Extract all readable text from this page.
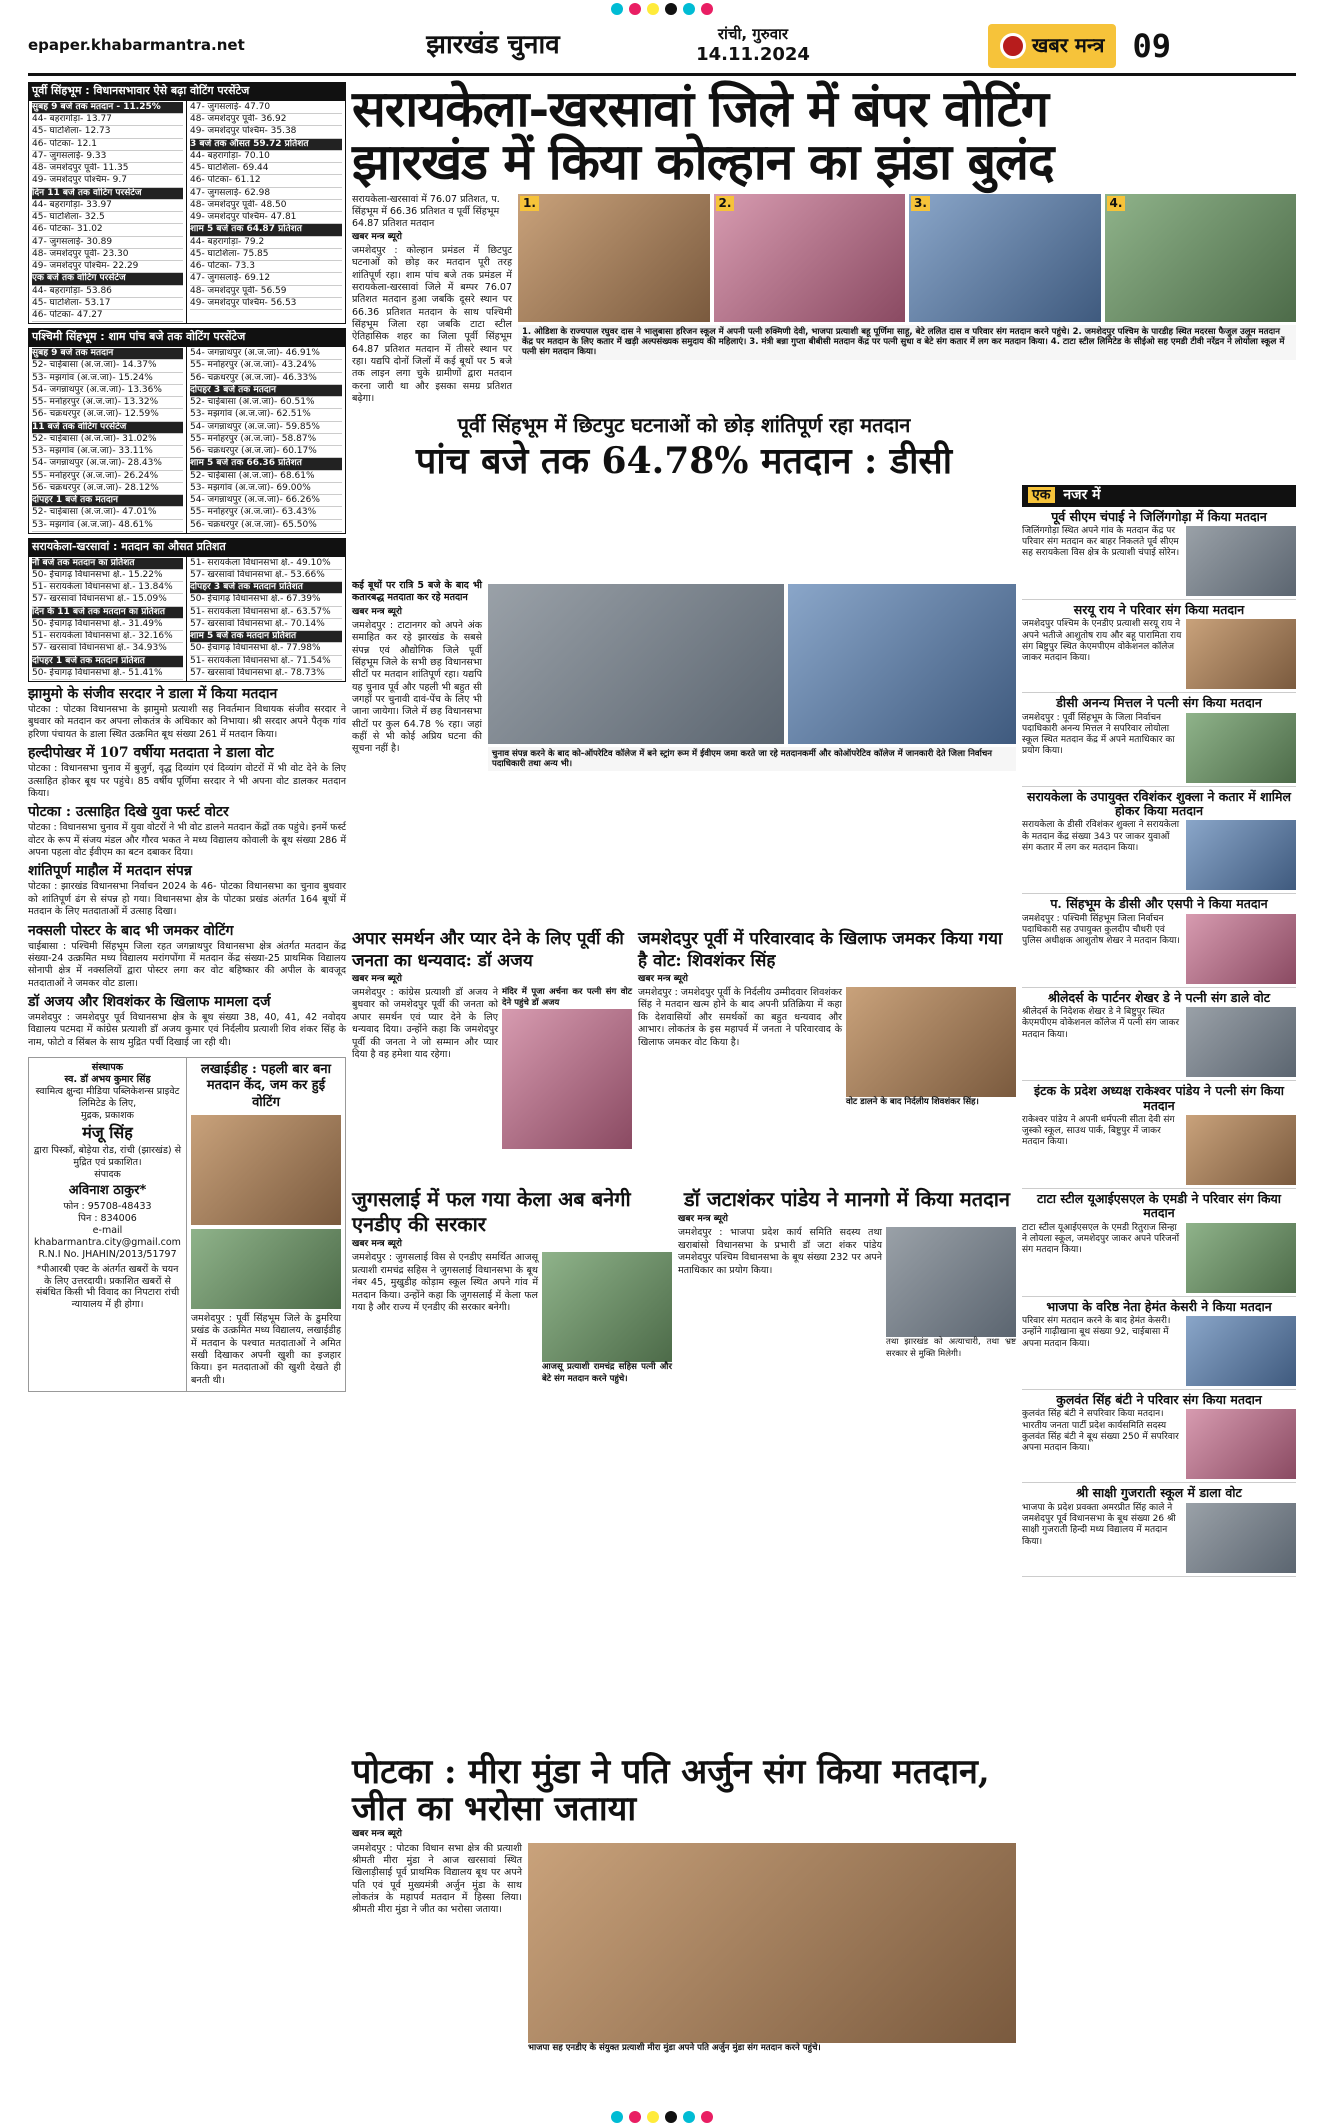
epaper.khabarmantra.net	झारखंड चुनाव	रांची, गुरुवार
14.11.2024	खबर मन्त्र 09
पूर्वी सिंहभूम : विधानसभावार ऐसे बढ़ा वोटिंग परसेंटेज
सुबह 9 बजे तक मतदान - 11.25%
44- बहरागोड़ा- 13.77
45- घाटशिला- 12.73
46- पोटका- 12.1
47- जुगसलाई- 9.33
48- जमशेदपुर पूर्वी- 11.35
49- जमशेदपुर पश्चिम- 9.7
दिन 11 बजे तक वोटिंग परसेंटेज
44- बहरागोड़ा- 33.97
45- घाटशिला- 32.5
46- पोटका- 31.02
47- जुगसलाई- 30.89
48- जमशेदपुर पूर्वी- 23.30
49- जमशेदपुर पश्चिम- 22.29
एक बजे तक वोटिंग परसेंटेज
44- बहरागोड़ा- 53.86
45- घाटशिला- 53.17
46- पोटका- 47.27
47- जुगसलाई- 47.70
48- जमशेदपुर पूर्वी- 36.92
49- जमशेदपुर पश्चिम- 35.38
3 बजे तक औसत 59.72 प्रतिशत
44- बहरागोड़ा- 70.10
45- घाटशिला- 69.44
46- पोटका- 61.12
47- जुगसलाई- 62.98
48- जमशेदपुर पूर्वी- 48.50
49- जमशेदपुर पश्चिम- 47.81
शाम 5 बजे तक 64.87 प्रतिशत
44- बहरागोड़ा- 79.2
45- घाटशिला- 75.85
46- पोटका- 73.3
47- जुगसलाई- 69.12
48- जमशेदपुर पूर्वी- 56.59
49- जमशेदपुर पश्चिम- 56.53
पश्चिमी सिंहभूम : शाम पांच बजे तक वोटिंग परसेंटेज
सुबह 9 बजे तक मतदान
52- चाईबासा (अ.ज.जा)- 14.37%
53- मझगांव (अ.ज.जा)- 15.24%
54- जगन्नाथपुर (अ.ज.जा)- 13.36%
55- मनोहरपुर (अ.ज.जा)- 13.32%
56- चक्रधरपुर (अ.ज.जा)- 12.59%
11 बजे तक वोटिंग परसेंटेज
52- चाईबासा (अ.ज.जा)- 31.02%
53- मझगांव (अ.ज.जा)- 33.11%
54- जगन्नाथपुर (अ.ज.जा)- 28.43%
55- मनोहरपुर (अ.ज.जा)- 26.24%
56- चक्रधरपुर (अ.ज.जा)- 28.12%
दोपहर 1 बजे तक मतदान
52- चाईबासा (अ.ज.जा)- 47.01%
53- मझगांव (अ.ज.जा)- 48.61%
54- जगन्नाथपुर (अ.ज.जा)- 46.91%
55- मनोहरपुर (अ.ज.जा)- 43.24%
56- चक्रधरपुर (अ.ज.जा)- 46.33%
दोपहर 3 बजे तक मतदान
52- चाईबासा (अ.ज.जा)- 60.51%
53- मझगांव (अ.ज.जा)- 62.51%
54- जगन्नाथपुर (अ.ज.जा)- 59.85%
55- मनोहरपुर (अ.ज.जा)- 58.87%
56- चक्रधरपुर (अ.ज.जा)- 60.17%
शाम 5 बजे तक 66.36 प्रतिशत
52- चाईबासा (अ.ज.जा)- 68.61%
53- मझगांव (अ.ज.जा)- 69.00%
54- जगन्नाथपुर (अ.ज.जा)- 66.26%
55- मनोहरपुर (अ.ज.जा)- 63.43%
56- चक्रधरपुर (अ.ज.जा)- 65.50%
सरायकेला-खरसावां : मतदान का औसत प्रतिशत
नौ बजे तक मतदान का प्रतिशत
50- ईचागढ़ विधानसभा क्षे.- 15.22%
51- सरायकेला विधानसभा क्षे.- 13.84%
57- खरसावां विधानसभा क्षे.- 15.09%
दिन के 11 बजे तक मतदान का प्रतिशत
50- ईचागढ़ विधानसभा क्षे.- 31.49%
51- सरायकेला विधानसभा क्षे.- 32.16%
57- खरसावां विधानसभा क्षे.- 34.93%
दोपहर 1 बजे तक मतदान प्रतिशत
50- ईचागढ़ विधानसभा क्षे.- 51.41%
51- सरायकेला विधानसभा क्षे.- 49.10%
57- खरसावां विधानसभा क्षे.- 53.66%
दोपहर 3 बजे तक मतदान प्रतिशत
50- ईचागढ़ विधानसभा क्षे.- 67.39%
51- सरायकेला विधानसभा क्षे.- 63.57%
57- खरसावां विधानसभा क्षे.- 70.14%
शाम 5 बजे तक मतदान प्रतिशत
50- ईचागढ़ विधानसभा क्षे.- 77.98%
51- सरायकेला विधानसभा क्षे.- 71.54%
57- खरसावां विधानसभा क्षे.- 78.73%
झामुमो के संजीव सरदार ने डाला में किया मतदान

पोटका : पोटका विधानसभा के झामुमो प्रत्याशी सह निवर्तमान विधायक संजीव सरदार ने बुधवार को मतदान कर अपना लोकतंत्र के अधिकार को निभाया। श्री सरदार अपने पैतृक गांव हरिणा पंचायत के डाला स्थित उत्क्रमित बूथ संख्या 261 में मतदान किया।

हल्दीपोखर में 107 वर्षीया मतदाता ने डाला वोट

पोटका : विधानसभा चुनाव में बुजुर्ग, वृद्ध दिव्यांग एवं दिव्यांग वोटरों में भी वोट देने के लिए उत्साहित होकर बूथ पर पहुंचे। 85 वर्षीय पूर्णिमा सरदार ने भी अपना वोट डालकर मतदान किया।

पोटका : उत्साहित दिखे युवा फर्स्ट वोटर

पोटका : विधानसभा चुनाव में युवा वोटरों ने भी वोट डालने मतदान केंद्रों तक पहुंचे। इनमें फर्स्ट वोटर के रूप में संजय मंडल और गौरव भकत ने मध्य विद्यालय कोवाली के बूथ संख्या 286 में अपना पहला वोट ईवीएम का बटन दबाकर दिया।

शांतिपूर्ण माहौल में मतदान संपन्न

पोटका : झारखंड विधानसभा निर्वाचन 2024 के 46- पोटका विधानसभा का चुनाव बुधवार को शांतिपूर्ण ढंग से संपन्न हो गया। विधानसभा क्षेत्र के पोटका प्रखंड अंतर्गत 164 बूथों में मतदान के लिए मतदाताओं में उत्साह दिखा।

नक्सली पोस्टर के बाद भी जमकर वोटिंग

चाईबासा : पश्चिमी सिंहभूम जिला रहत जगन्नाथपुर विधानसभा क्षेत्र अंतर्गत मतदान केंद्र संख्या-24 उत्क्रमित मध्य विद्यालय मरांगपोंगा में मतदान केंद्र संख्या-25 प्राथमिक विद्यालय सोनापी क्षेत्र में नक्सलियों द्वारा पोस्टर लगा कर वोट बहिष्कार की अपील के बावजूद मतदाताओं ने जमकर वोट डाला।

डॉ अजय और शिवशंकर के खिलाफ मामला दर्ज

जमशेदपुर : जमशेदपुर पूर्व विधानसभा क्षेत्र के बूथ संख्या 38, 40, 41, 42 नवोदय विद्यालय पटमदा में कांग्रेस प्रत्याशी डॉ अजय कुमार एवं निर्दलीय प्रत्याशी शिव शंकर सिंह के नाम, फोटो व सिंबल के साथ मुद्रित पर्ची दिखाई जा रही थी।

संस्थापक
स्व. डॉ अभय कुमार सिंह
स्वामित्व क्षुन्दा मीडिया पब्लिकेशन्स प्राइवेट लिमिटेड के लिए,
मुद्रक, प्रकाशक
मंजू सिंह
द्वारा पिस्काँ, बोड़ेया रोड, रांची (झारखंड) से मुद्रित एवं प्रकाशित।
संपादक
अविनाश ठाकुर*
फोन : 95708-48433
पिन : 834006
e-mail
khabarmantra.city@gmail.com
R.N.I No. JHAHIN/2013/51797
*पीआरबी एक्ट के अंतर्गत खबरों के चयन के लिए उत्तरदायी। प्रकाशित खबरों से संबंधित किसी भी विवाद का निपटारा रांची न्यायालय में ही होगा।
लखाईडीह : पहली बार बना मतदान केंद, जम कर हुई वोटिंग

जमशेदपुर : पूर्वी सिंहभूम जिले के डुमरिया प्रखंड के उत्क्रमित मध्य विद्यालय, लखाईडीह में मतदान के पश्चात मतदाताओं ने अमित सखी दिखाकर अपनी खुशी का इजहार किया। इन मतदाताओं की खुशी देखते ही बनती थी।

सरायकेला-खरसावां जिले में बंपर वोटिंग
झारखंड में किया कोल्हान का झंडा बुलंद
सरायकेला-खरसावां में 76.07 प्रतिशत, प. सिंहभूम में 66.36 प्रतिशत व पूर्वी सिंहभूम 64.87 प्रतिशत मतदान
खबर मन्त्र ब्यूरो

जमशेदपुर : कोल्हान प्रमंडल में छिटपुट घटनाओं को छोड़ कर मतदान पूरी तरह शांतिपूर्ण रहा। शाम पांच बजे तक प्रमंडल में सरायकेला-खरसावां जिले में बम्पर 76.07 प्रतिशत मतदान हुआ जबकि दूसरे स्थान पर 66.36 प्रतिशत मतदान के साथ पश्चिमी सिंहभूम जिला रहा जबकि टाटा स्टील ऐतिहासिक शहर का जिला पूर्वी सिंहभूम 64.87 प्रतिशत मतदान में तीसरे स्थान पर रहा। यद्यपि दोनों जिलों में कई बूथों पर 5 बजे तक लाइन लगा चुके ग्रामीणों द्वारा मतदान करना जारी था और इसका समग्र प्रतिशत बढ़ेगा।

1.	2.	3.	4.
1. ओडिशा के राज्यपाल रघुवर दास ने भालुबासा हरिजन स्कूल में अपनी पत्नी रुक्मिणी देवी, भाजपा प्रत्याशी बहू पूर्णिमा साहू, बेटे ललित दास व परिवार संग मतदान करने पहुंचे। 2. जमशेदपुर पश्चिम के पारडीह स्थित मदरसा फैजुल उलूम मतदान केंद्र पर मतदान के लिए कतार में खड़ी अल्पसंख्यक समुदाय की महिलाएं। 3. मंत्री बन्ना गुप्ता बीबीसी मतदान केंद्र पर पत्नी सुधा व बेटे संग कतार में लग कर मतदान किया। 4. टाटा स्टील लिमिटेड के सीईओ सह एमडी टीवी नरेंद्रन ने लोयोला स्कूल में पत्नी संग मतदान किया।
पूर्वी सिंहभूम में छिटपुट घटनाओं को छोड़ शांतिपूर्ण रहा मतदान
पांच बजे तक 64.78% मतदान : डीसी

कई बूथों पर रात्रि 5 बजे के बाद भी कतारबद्ध मतदाता कर रहे मतदान

खबर मन्त्र ब्यूरो

जमशेदपुर : टाटानगर को अपने अंक समाहित कर रहे झारखंड के सबसे संपन्न एवं औद्योगिक जिले पूर्वी सिंहभूम जिले के सभी छह विधानसभा सीटों पर मतदान शांतिपूर्ण रहा। यद्यपि यह चुनाव पूर्व और पहली भी बहुत सी जगहों पर चुनावी दावं-पेंच के लिए भी जाना जायेगा। जिले में छह विधानसभा सीटों पर कुल 64.78 % रहा। जहां कहीं से भी कोई अप्रिय घटना की सूचना नहीं है।	चुनाव संपन्न करने के बाद को-ऑपरेटिव कॉलेज में बने स्ट्रांग रूम में ईवीएम जमा करते जा रहे मतदानकर्मी और कोऑपरेटिव कॉलेज में जानकारी देते जिला निर्वाचन पदाधिकारी तथा अन्य भी।
अपार समर्थन और प्यार देने के लिए पूर्वी की जनता का धन्यवाद: डॉ अजय
खबर मन्त्र ब्यूरो

जमशेदपुर : कांग्रेस प्रत्याशी डॉ अजय ने बुधवार को जमशेदपुर पूर्वी की जनता को अपार समर्थन एवं प्यार देने के लिए धन्यवाद दिया। उन्होंने कहा कि जमशेदपुर पूर्वी की जनता ने जो सम्मान और प्यार दिया है वह हमेशा याद रहेगा।

मंदिर में पूजा अर्चना कर पत्नी संग वोट देने पहुंचे डॉ अजय

जमशेदपुर पूर्वी में परिवारवाद के खिलाफ जमकर किया गया है वोट: शिवशंकर सिंह
खबर मन्त्र ब्यूरो

जमशेदपुर : जमशेदपुर पूर्वी के निर्दलीय उम्मीदवार शिवशंकर सिंह ने मतदान खत्म होने के बाद अपनी प्रतिक्रिया में कहा कि देशवासियों और समर्थकों का बहुत धन्यवाद और आभार। लोकतंत्र के इस महापर्व में जनता ने परिवारवाद के खिलाफ जमकर वोट किया है।

वोट डालने के बाद निर्दलीय शिवशंकर सिंह।

जुगसलाई में फल गया केला अब बनेगी एनडीए की सरकार
खबर मन्त्र ब्यूरो

जमशेदपुर : जुगसलाई विस से एनडीए समर्थित आजसू प्रत्याशी रामचंद्र सहिस ने जुगसलाई विधानसभा के बूथ नंबर 45, मुखुडीह कोड़ाम स्कूल स्थित अपने गांव में मतदान किया। उन्होंने कहा कि जुगसलाई में केला फल गया है और राज्य में एनडीए की सरकार बनेगी।

आजसू प्रत्याशी रामचंद्र सहिस पत्नी और बेटे संग मतदान करने पहुंचे।

डॉ जटाशंकर पांडेय ने मानगो में किया मतदान
खबर मन्त्र ब्यूरो

जमशेदपुर : भाजपा प्रदेश कार्य समिति सदस्य तथा खराबांसो विधानसभा के प्रभारी डॉ जटा शंकर पांडेय जमशेदपुर पश्चिम विधानसभा के बूथ संख्या 232 पर अपने मताधिकार का प्रयोग किया।

तथा झारखंड को अत्याचारी, तथा भ्रष्ट सरकार से मुक्ति मिलेगी।

पोटका : मीरा मुंडा ने पति अर्जुन संग किया मतदान, जीत का भरोसा जताया
खबर मन्त्र ब्यूरो

जमशेदपुर : पोटका विधान सभा क्षेत्र की प्रत्याशी श्रीमती मीरा मुंडा ने आज खरसावां स्थित खिलाड़ीसाई पूर्व प्राथमिक विद्यालय बूथ पर अपने पति एवं पूर्व मुख्यमंत्री अर्जुन मुंडा के साथ लोकतंत्र के महापर्व मतदान में हिस्सा लिया। श्रीमती मीरा मुंडा ने जीत का भरोसा जताया।

भाजपा सह एनडीए के संयुक्त प्रत्याशी मीरा मुंडा अपने पति अर्जुन मुंडा संग मतदान करने पहुंचे।

एक नजर में
पूर्व सीएम चंपाई ने जिलिंगगोड़ा में किया मतदान

जिलिंगगोड़ा स्थित अपने गांव के मतदान केंद्र पर परिवार संग मतदान कर बाहर निकलते पूर्व सीएम सह सरायकेला विस क्षेत्र के प्रत्याशी चंपाई सोरेन।

सरयू राय ने परिवार संग किया मतदान

जमशेदपुर पश्चिम के एनडीए प्रत्याशी सरयू राय ने अपने भतीजे आशुतोष राय और बहू पारामिता राय संग बिष्टुपुर स्थित केएमपीएम वोकेशनल कॉलेज जाकर मतदान किया।

डीसी अनन्य मित्तल ने पत्नी संग किया मतदान

जमशेदपुर : पूर्वी सिंहभूम के जिला निर्वाचन पदाधिकारी अनन्य मित्तल ने सपरिवार लोयोला स्कूल स्थित मतदान केंद्र में अपने मताधिकार का प्रयोग किया।

सरायकेला के उपायुक्त रविशंकर शुक्ला ने कतार में शामिल होकर किया मतदान

सरायकेला के डीसी रविशंकर शुक्ला ने सरायकेला के मतदान केंद्र संख्या 343 पर जाकर युवाओं संग कतार में लग कर मतदान किया।

प. सिंहभूम के डीसी और एसपी ने किया मतदान

जमशेदपुर : पश्चिमी सिंहभूम जिला निर्वाचन पदाधिकारी सह उपायुक्त कुलदीप चौधरी एवं पुलिस अधीक्षक आशुतोष शेखर ने मतदान किया।

श्रीलेदर्स के पार्टनर शेखर डे ने पत्नी संग डाले वोट

श्रीलेदर्स के निदेशक शेखर डे ने बिष्टुपुर स्थित केएमपीएम वोकेशनल कॉलेज में पत्नी संग जाकर मतदान किया।

इंटक के प्रदेश अध्यक्ष राकेश्वर पांडेय ने पत्नी संग किया मतदान

राकेश्वर पांडेय ने अपनी धर्मपत्नी सीता देवी संग जुस्को स्कूल, साउथ पार्क, बिष्टुपुर में जाकर मतदान किया।

टाटा स्टील यूआईएसएल के एमडी ने परिवार संग किया मतदान

टाटा स्टील यूआईएसएल के एमडी रितुराज सिन्हा ने लोयला स्कूल, जमशेदपुर जाकर अपने परिजनों संग मतदान किया।

भाजपा के वरिष्ठ नेता हेमंत केसरी ने किया मतदान

परिवार संग मतदान करने के बाद हेमंत केसरी। उन्होंने गाढ़ीखाना बूथ संख्या 92, चाईबासा में अपना मतदान किया।

कुलवंत सिंह बंटी ने परिवार संग किया मतदान

कुलवंत सिंह बंटी ने सपरिवार किया मतदान। भारतीय जनता पार्टी प्रदेश कार्यसमिति सदस्य कुलवंत सिंह बंटी ने बूथ संख्या 250 में सपरिवार अपना मतदान किया।

श्री साक्षी गुजराती स्कूल में डाला वोट

भाजपा के प्रदेश प्रवक्ता अमरप्रीत सिंह काले ने जमशेदपुर पूर्व विधानसभा के बूथ संख्या 26 श्री साक्षी गुजराती हिन्दी मध्य विद्यालय में मतदान किया।
